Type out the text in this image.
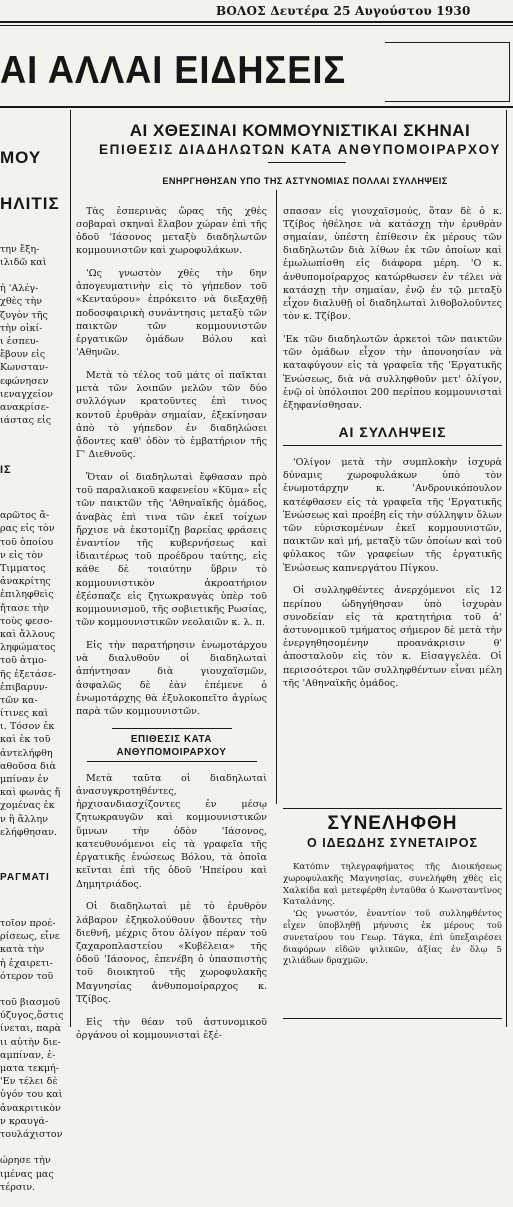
ΒΟΛΟΣ Δευτέρα 25 Αυγούστου 1930
ΑΙ ΑΛΛΑΙ ΕΙΔΗΣΕΙΣ

ΜΟΥ

ΗΛΙΤΙΣ

την ἔξη-
ιλιδῶ καὶ
ἡ 'Αλέγ-
χθὲς τὴν
ζυγὸν τῆς
τὴν οἰκί-
ι ἐσπευ-
ἔβουν εἰς
Κωνσταν-
εφώνησεν
ιεναγχείον
ανακρίσε-
ιάστας εἰς

ΙΣ

αρῶτος ἄ-
ρας εἰς τὸν
τοῦ ὁποίου
ν εἰς τὸν
Τιμματος
ἀνακρίτης
ἐπιληφθεὶς
ἤτασε τὴν
τοὺς φεσο-
καὶ ἄλλους
ληφώματος
τοῦ ἀτμο-
ῆς ἐξετάσε-
ἐπιβαρυν-
τῶν κα-
ίτινες καὶ
ι. Τόσον ἐκ
καὶ ἐκ τοῦ
ἀντελήφθη
αθοῦσα διὰ
μπίναν ἐν
καὶ φωνὰς ἤ
χομένας ἐκ
ν ἢ ἄλλην
ελήφθησαν.

ΡΑΓΜΑΤΙ

τοῖον προέ-
ρίσεως, εἶνε
κατὰ τὴν
ἡ ἐχαιρετι-
ότερον τοῦ
τοῦ βιασμοῦ
ύζυγος,ὅστις
ίνεται, παρὰ
ιι αὐτὴν διε-
αμπίναν, ἐ-
ματα τεκμή-
'Εν τέλει δὲ
ὑγόν του καὶ
ἀνακριτικὸν
ν κραυγά-
τουλάχιστον
ώρησε τὴν
ιμένας μας
τέρσιν.

ΑΙ ΧΘΕΣΙΝΑΙ ΚΟΜΜΟΥΝΙΣΤΙΚΑΙ ΣΚΗΝΑΙ
ΕΠΙΘΕΣΙΣ ΔΙΑΔΗΛΩΤΩΝ ΚΑΤΑ ΑΝΘΥΠΟΜΟΙΡΑΡΧΟΥ
ΕΝΗΡΓΗΘΗΣΑΝ ΥΠΟ ΤΗΣ ΑΣΤΥΝΟΜΙΑΣ ΠΟΛΛΑΙ ΣΥΛΛΗΨΕΙΣ

Τὰς ἑσπερινὰς ὥρας τῆς χθὲς σοβαραὶ σκηναὶ ἔλαβον χώραν ἐπὶ τῆς ὁδοῦ 'Ιάσονος μεταξὺ διαδηλωτῶν κομμουνιστῶν καὶ χωροφυλάκων.

'Ως γνωστὸν χθὲς τὴν 6ην ἀπογευματινὴν εἰς τὸ γήπεδον τοῦ «Κενταύρου» ἐπρόκειτο νὰ διεξαχθῇ ποδοσφαιρικὴ συνάντησις μεταξὺ τῶν παικτῶν τῶν κομμουνιστῶν ἐργατικῶν ὁμάδων Βόλου καὶ 'Αθηνῶν.

Μετὰ τὸ τέλος τοῦ μάτς οἱ παῖκται μετὰ τῶν λοιπῶν μελῶν τῶν δύο συλλόγων κρατοῦντες ἐπὶ τινος κοντοῦ ἐρυθρὰν σημαίαν, ἐξεκίνησαν ἀπὸ τὸ γήπεδον ἐν διαδηλώσει ᾄδοντες καθ' ὁδὸν τὸ ἐμβατήριον τῆς Γ' Διεθνοῦς.

Ὅταν οἱ διαδηλωταὶ ἔφθασαν πρὸ τοῦ παραλιακοῦ καφενείου «Κῦμα» εἷς τῶν παικτῶν τῆς 'Αθηναϊκῆς ὁμάδος, ἀναβὰς ἐπὶ τινα τῶν ἐκεῖ τοίχων ἤρχισε νὰ ἐκστομίζῃ βαρείας φράσεις ἐναντίον τῆς κυβερνήσεως καὶ ἰδιαιτέρως τοῦ προέδρου ταύτης, εἰς κάθε δὲ τοιαύτην ὕβριν τὸ κομμουνιστικὸν ἀκροατήριον ἐξέσπαζε εἰς ζητωκραυγὰς ὑπὲρ τοῦ κομμουνισμοῦ, τῆς σοβιετικῆς Ρωσίας, τῶν κομμουνιστικῶν νεολαιῶν κ. λ. π.

Εἰς τὴν παρατήρησιν ἐνωμοτάρχου νὰ διαλυθοῦν οἱ διαδηλωταὶ ἀπήντησαν διὰ γιουχαϊσμῶν, ἀσφαλῶς δὲ ἐὰν ἐπέμενε ὁ ἐνωμοτάρχης θὰ ἐξυλοκοπεῖτο ἀγρίως παρὰ τῶν κομμουνιστῶν.

ΕΠΙΘΕΣΙΣ ΚΑΤΑ ΑΝΘΥΠΟΜΟΙΡΑΡΧΟΥ

Μετὰ ταῦτα οἱ διαδηλωταὶ ἀνασυγκροτηθέντες, ἠρχισανδιασχίζοντες ἐν μέσῳ ζητωκραυγῶν καὶ κομμουνιστικῶν ὕμνων τὴν ὁδὸν 'Ιάσονος, κατευθυνόμενοι εἰς τὰ γραφεῖα τῆς ἐργατικῆς ἐνώσεως Βόλου, τὰ ὁποῖα κεῖνται ἐπὶ τῆς ὁδοῦ 'Ηπείρου καὶ Δημητριάδος.

Οἱ διαδηλωταὶ μὲ τὸ ἐρυθρὸν λάβαρον ἐξηκολούθουν ᾄδοντες τὴν διεθνῆ, μέχρις ὅτου ὀλίγον πέραν τοῦ ζαχαροπλαστείου «Κυβέλεια» τῆς ὁδοῦ 'Ιάσονος, ἐπενέβη ὁ ὑπασπιστὴς τοῦ διοικητοῦ τῆς χωροφυλακῆς Μαγνησίας ἀνθυπομοίραρχος κ. Τζίβος.

Εἰς τὴν θέαν τοῦ ἀστυνομικοῦ ὀργάνου οἱ κομμουνισταὶ ἐξέ-

σπασαν εἰς γιουχαϊσμούς, ὅταν δὲ ὁ κ. Τζίβος ἠθέλησε νὰ κατάσχῃ τὴν ἐρυθρὰν σημαίαν, ὑπέστη ἐπίθεσιν ἐκ μέρους τῶν διαδηλωτῶν διὰ λίθων ἐκ τῶν ὁποίων καὶ ἐμωλωπίσθη εἰς διάφορα μέρη. 'Ο κ. ἀνθυπομοίραρχος κατώρθωσεν ἐν τέλει νὰ κατάσχῃ τὴν σημαίαν, ἐνῷ ἐν τῷ μεταξὺ εἶχον διαλυθῇ οἱ διαδηλωταὶ λιθοβολοῦντες τὸν κ. Τζίβον.

'Εκ τῶν διαδηλωτῶν ἀρκετοὶ τῶν παικτῶν τῶν ὁμάδων εἶχον τὴν ἀπονοησίαν νὰ καταφύγουν εἰς τὰ γραφεῖα τῆς 'Εργατικῆς Ἑνώσεως, διὰ νὰ συλληφθοῦν μετ' ὀλίγον, ἐνῷ οἱ ὑπόλοιποι 200 περίπου κομμουνισταὶ ἐξηφανίσθησαν.

ΑΙ ΣΥΛΛΗΨΕΙΣ

'Ολίγον μετὰ τὴν συμπλοκὴν ἰσχυρὰ δύναμις χωροφυλάκων ὑπὸ τὸν ἐνωμοτάρχην κ. 'Ανδρονικόπουλον κατέφθασεν εἰς τὰ γραφεῖα τῆς 'Εργατικῆς Ἑνώσεως καὶ προέβη εἰς τὴν σύλληψιν ὅλων τῶν εὑρισκομένων ἐκεῖ κομμουνιστῶν, παικτῶν καὶ μή, μεταξὺ τῶν ὁποίων καὶ τοῦ φύλακος τῶν γραφείων τῆς ἐργατικῆς Ἑνώσεως καπνεργάτου Πίγκου.

Οἱ συλληφθέντες ἀνερχόμενοι εἰς 12 περίπου ὡδηγήθησαν ὑπὸ ἰσχυρὰν συνοδείαν εἰς τὰ κρατητήρια τοῦ ἀ' ἀστυνομικοῦ τμήματος σήμερον δὲ μετὰ τὴν ἐνεργηθησομένην προανάκρισιν θ' ἀποσταλοῦν εἰς τὸν κ. Εἰσαγγελέα. Οἱ περισσότεροι τῶν συλληφθέντων εἶναι μέλη τῆς 'Αθηναϊκῆς ὁμάδος.

ΣΥΝΕΛΗΦΘΗ
Ο ΙΔΕΩΔΗΣ ΣΥΝΕΤΑΙΡΟΣ

Κατόπιν τηλεγραφήματος τῆς Διοικήσεως χωροφυλακῆς Μαγνησίας, συνελήφθη χθὲς εἰς Χαλκίδα καὶ μετεφέρθη ἐνταῦθα ὁ Κωνσταντῖνος Καταλάνης.

'Ως γνωστόν, ἐναντίον τοῦ συλληφθέντος εἶχεν ὑποβληθῇ μήνυσις ἐκ μέρους τοῦ συνεταίρου του Γεωρ. Τάγκα, ἐπὶ ὑπεξαιρέσει διαφόρων εἰδῶν ψιλικῶν, ἀξίας ἐν ὅλῳ 5 χιλιάδων δραχμῶν.
